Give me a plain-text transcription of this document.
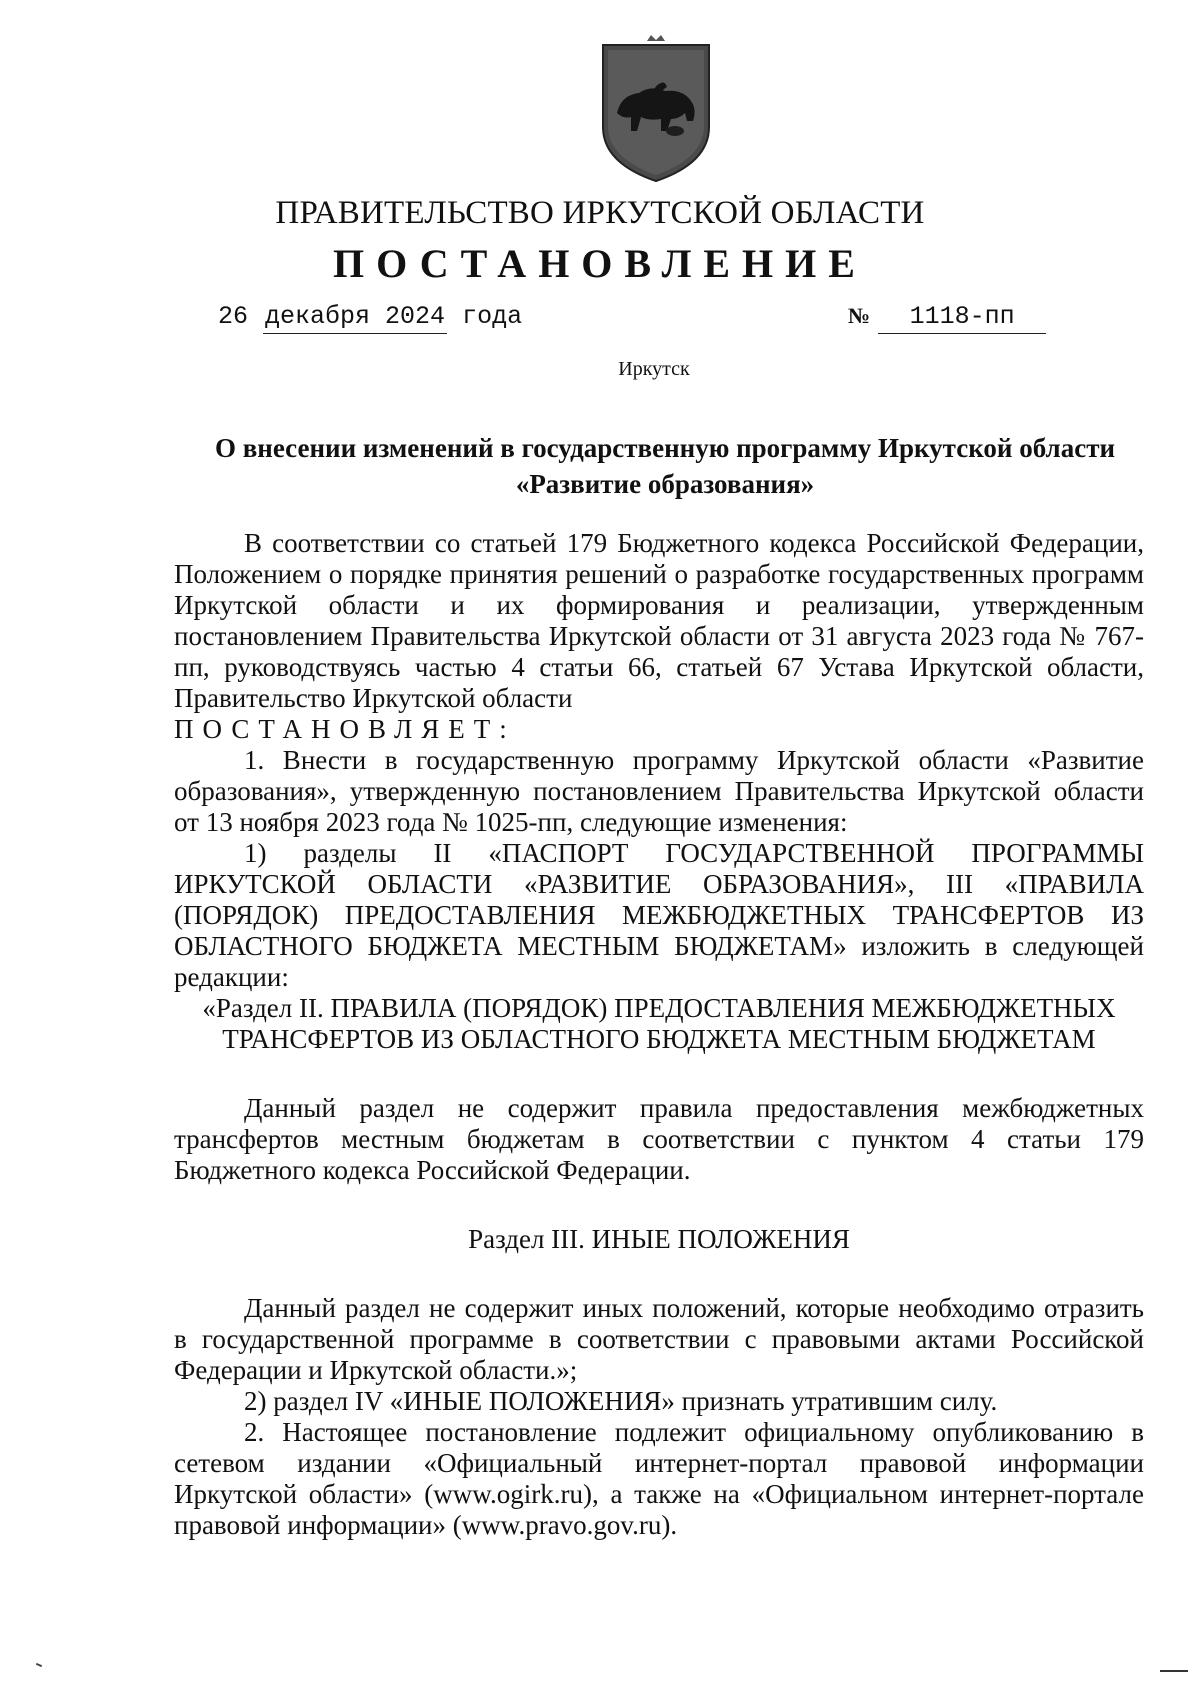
ПРАВИТЕЛЬСТВО ИРКУТСКОЙ ОБЛАСТИ
ПОСТАНОВЛЕНИЕ
26 декабря 2024 года	№ 1118-пп
Иркутск
О внесении изменений в государственную программу Иркутской области
«Развитие образования»

В соответствии со статьей 179 Бюджетного кодекса Российской Федерации, Положением о порядке принятия решений о разработке государственных программ Иркутской области и их формирования и реализации, утвержденным постановлением Правительства Иркутской области от 31 августа 2023 года № 767-пп, руководствуясь частью 4 статьи 66, статьей 67 Устава Иркутской области, Правительство Иркутской области

ПОСТАНОВЛЯЕТ:

1. Внести в государственную программу Иркутской области «Развитие образования», утвержденную постановлением Правительства Иркутской области от 13 ноября 2023 года № 1025-пп, следующие изменения:

1) разделы II «ПАСПОРТ ГОСУДАРСТВЕННОЙ ПРОГРАММЫ ИРКУТСКОЙ ОБЛАСТИ «РАЗВИТИЕ ОБРАЗОВАНИЯ», III «ПРАВИЛА (ПОРЯДОК) ПРЕДОСТАВЛЕНИЯ МЕЖБЮДЖЕТНЫХ ТРАНСФЕРТОВ ИЗ ОБЛАСТНОГО БЮДЖЕТА МЕСТНЫМ БЮДЖЕТАМ» изложить в следующей редакции:

«Раздел II. ПРАВИЛА (ПОРЯДОК) ПРЕДОСТАВЛЕНИЯ МЕЖБЮДЖЕТНЫХ

ТРАНСФЕРТОВ ИЗ ОБЛАСТНОГО БЮДЖЕТА МЕСТНЫМ БЮДЖЕТАМ

Данный раздел не содержит правила предоставления межбюджетных трансфертов местным бюджетам в соответствии с пунктом 4 статьи 179 Бюджетного кодекса Российской Федерации.

Раздел III. ИНЫЕ ПОЛОЖЕНИЯ

Данный раздел не содержит иных положений, которые необходимо отразить в государственной программе в соответствии с правовыми актами Российской Федерации и Иркутской области.»;

2) раздел IV «ИНЫЕ ПОЛОЖЕНИЯ» признать утратившим силу.

2. Настоящее постановление подлежит официальному опубликованию в сетевом издании «Официальный интернет-портал правовой информации Иркутской области» (www.ogirk.ru), а также на «Официальном интернет-портале правовой информации» (www.pravo.gov.ru).
